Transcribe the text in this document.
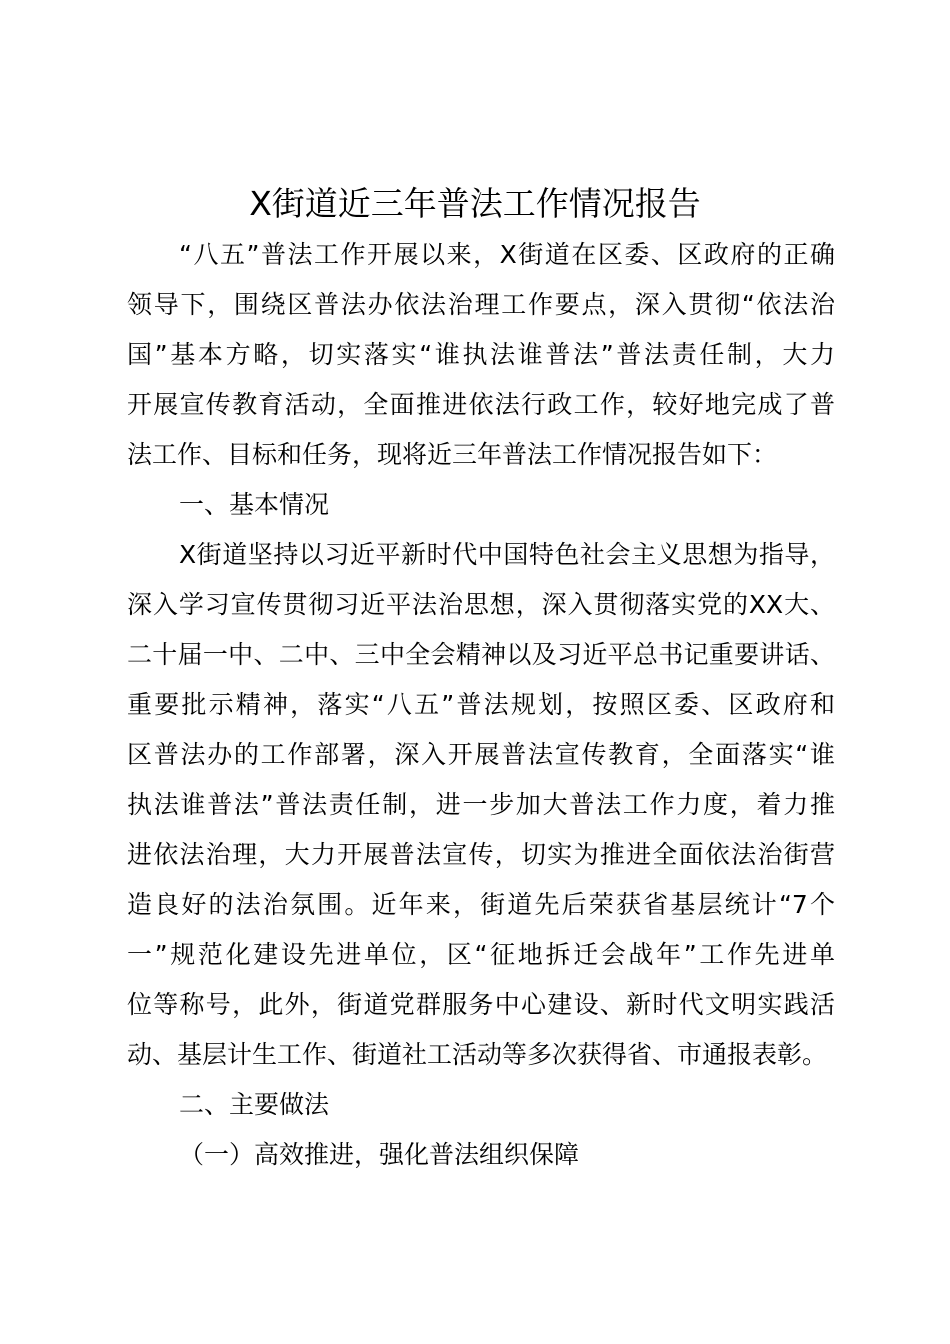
X街道近三年普法工作情况报告

“八五”普法工作开展以来，X街道在区委、区政府的正确

领导下，围绕区普法办依法治理工作要点，深入贯彻“依法治

国”基本方略，切实落实“谁执法谁普法”普法责任制，大力

开展宣传教育活动，全面推进依法行政工作，较好地完成了普

法工作、目标和任务，现将近三年普法工作情况报告如下：

一、基本情况

X街道坚持以习近平新时代中国特色社会主义思想为指导，

深入学习宣传贯彻习近平法治思想，深入贯彻落实党的XX大、

二十届一中、二中、三中全会精神以及习近平总书记重要讲话、

重要批示精神，落实“八五”普法规划，按照区委、区政府和

区普法办的工作部署，深入开展普法宣传教育，全面落实“谁

执法谁普法”普法责任制，进一步加大普法工作力度，着力推

进依法治理，大力开展普法宣传，切实为推进全面依法治街营

造良好的法治氛围。近年来，街道先后荣获省基层统计“7个

一”规范化建设先进单位，区“征地拆迁会战年”工作先进单

位等称号，此外，街道党群服务中心建设、新时代文明实践活

动、基层计生工作、街道社工活动等多次获得省、市通报表彰。

二、主要做法

（一）高效推进，强化普法组织保障
